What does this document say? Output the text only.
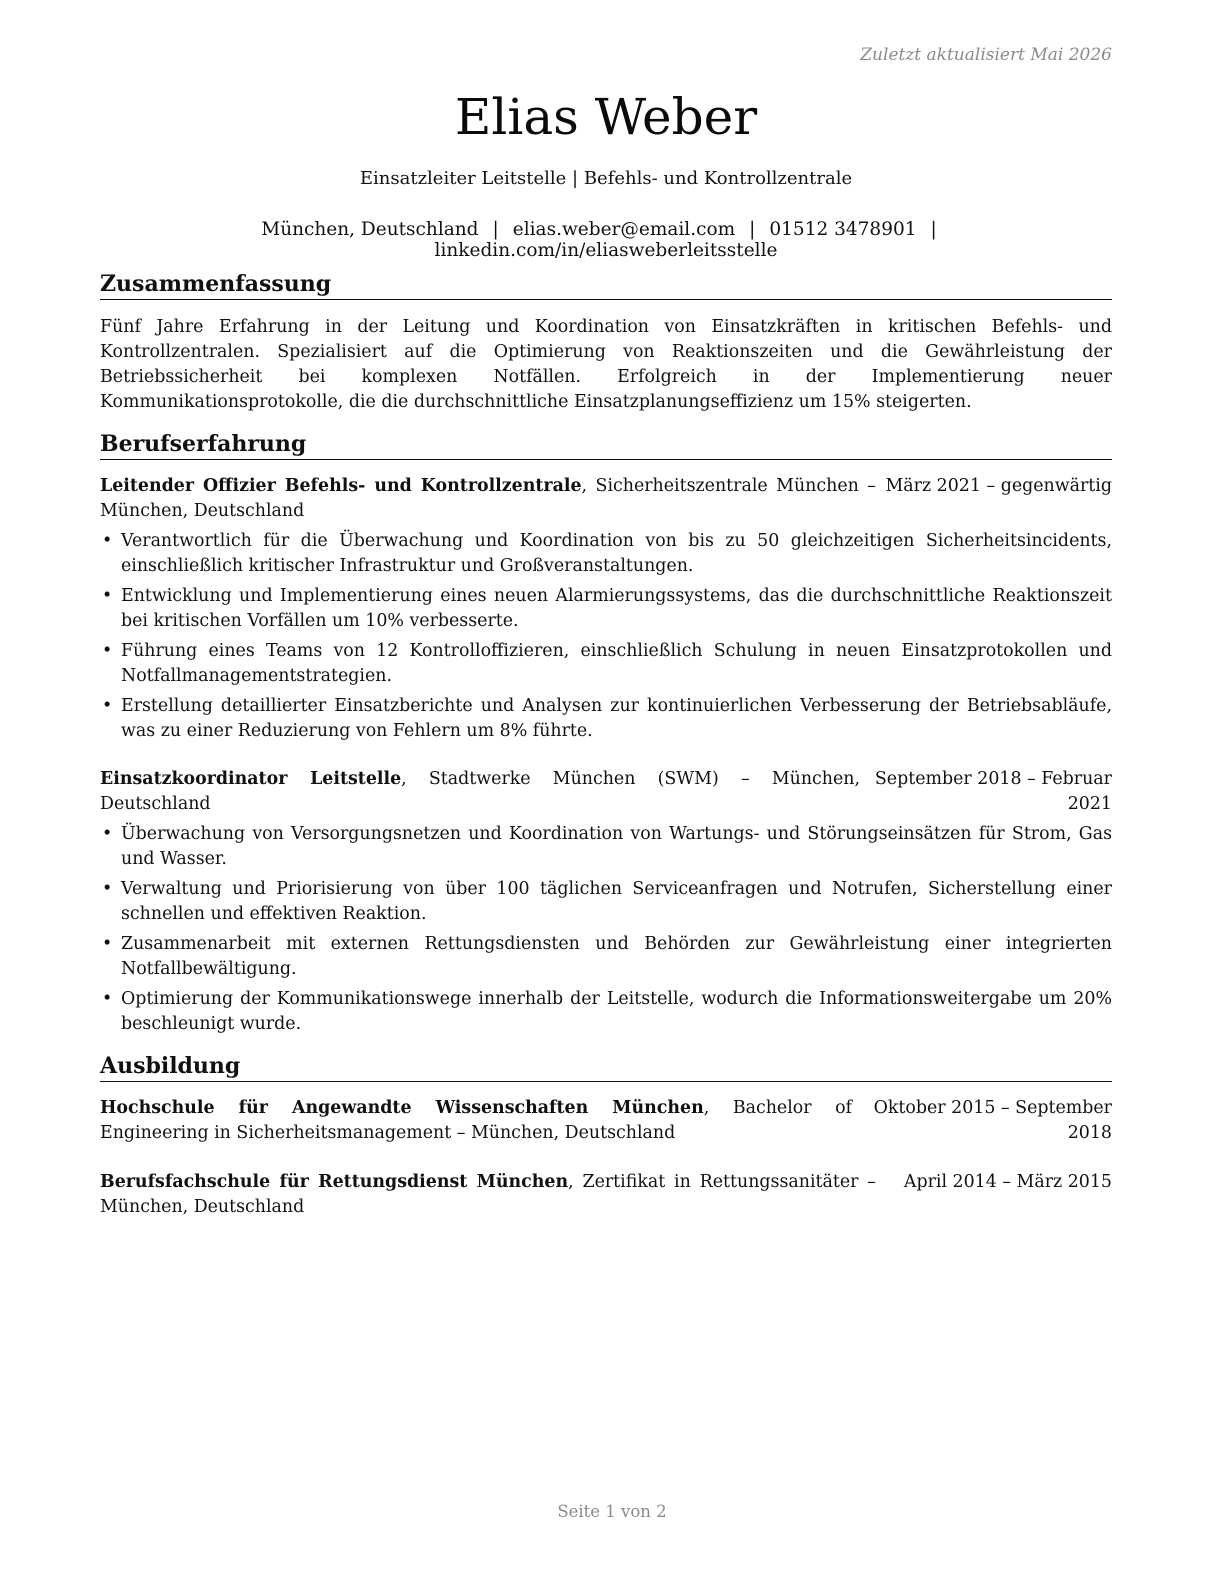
Zuletzt aktualisiert Mai 2026
Elias Weber
Einsatzleiter Leitstelle | Befehls- und Kontrollzentrale
München, Deutschland | elias.weber@email.com | 01512 3478901 |linkedin.com/in/eliasweberleitsstelle
Zusammenfassung
Fünf Jahre Erfahrung in der Leitung und Koordination von Einsatzkräften in kritischen Befehls- und Kontrollzentralen. Spezialisiert auf die Optimierung von Reaktionszeiten und die Gewährleistung der Betriebssicherheit bei komplexen Notfällen. Erfolgreich in der Implementierung neuer Kommunikationsprotokolle, die die durchschnittliche Einsatzplanungseffizienz um 15% steigerten.
Berufserfahrung
Leitender Offizier Befehls- und Kontrollzentrale, Sicherheitszentrale München – München, Deutschland
März 2021 – gegenwärtig
• Verantwortlich für die Überwachung und Koordination von bis zu 50 gleichzeitigen Sicherheitsincidents, einschließlich kritischer Infrastruktur und Großveranstaltungen.
• Entwicklung und Implementierung eines neuen Alarmierungssystems, das die durchschnittliche Reaktionszeit bei kritischen Vorfällen um 10% verbesserte.
• Führung eines Teams von 12 Kontrolloffizieren, einschließlich Schulung in neuen Einsatzprotokollen und Notfallmanagementstrategien.
• Erstellung detaillierter Einsatzberichte und Analysen zur kontinuierlichen Verbesserung der Betriebsabläufe, was zu einer Reduzierung von Fehlern um 8% führte.
Einsatzkoordinator Leitstelle, Stadtwerke München (SWM) – München, Deutschland
September 2018 – Februar 2021
• Überwachung von Versorgungsnetzen und Koordination von Wartungs- und Störungseinsätzen für Strom, Gas und Wasser.
• Verwaltung und Priorisierung von über 100 täglichen Serviceanfragen und Notrufen, Sicherstellung einer schnellen und effektiven Reaktion.
• Zusammenarbeit mit externen Rettungsdiensten und Behörden zur Gewährleistung einer integrierten Notfallbewältigung.
• Optimierung der Kommunikationswege innerhalb der Leitstelle, wodurch die Informationsweitergabe um 20% beschleunigt wurde.
Ausbildung
Hochschule für Angewandte Wissenschaften München, Bachelor of Engineering in Sicherheitsmanagement – München, Deutschland
Oktober 2015 – September 2018
Berufsfachschule für Rettungsdienst München, Zertifikat in Rettungssanitäter – München, Deutschland
April 2014 – März 2015
Seite 1 von 2
